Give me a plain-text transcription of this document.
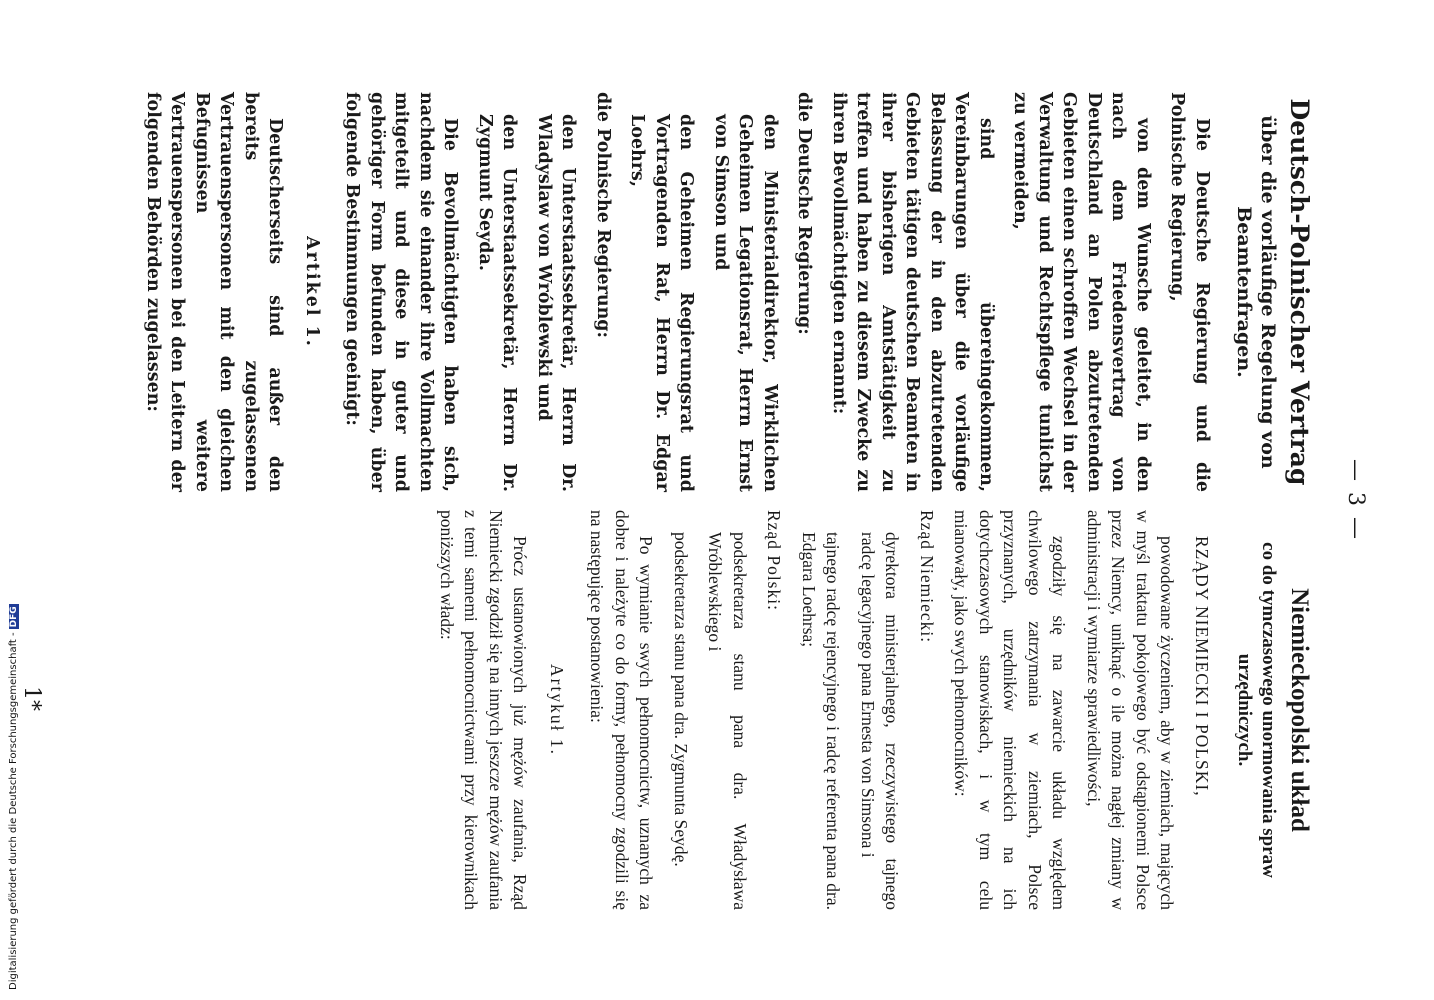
— 3 —
Deutsch-Polnischer Vertrag
über die vorläufige Regelung von Beamtenfragen.

Die Deutsche Regierung und die Polnische Regierung,

von dem Wunsche geleitet, in den nach dem Friedensvertrag von Deutschland an Polen abzutretenden Gebieten einen schroffen Wechsel in der Verwaltung und Rechtspflege tunlichst zu vermeiden,

sind übereingekommen, Vereinbarungen über die vorläufige Belassung der in den abzutretenden Gebieten tätigen deutschen Beamten in ihrer bisherigen Amtstätigkeit zu treffen und haben zu diesem Zwecke zu ihren Bevollmächtigten ernannt:

die Deutsche Regierung:
den Ministerialdirektor, Wirklichen Geheimen Legationsrat, Herrn Ernst von Simson und
den Geheimen Regierungsrat und Vortragenden Rat, Herrn Dr. Edgar Loehrs,
die Polnische Regierung:
den Unterstaatssekretär, Herrn Dr. Wladyslaw von Wróblewski und
den Unterstaatssekretär, Herrn Dr. Zygmunt Seyda.

Die Bevollmächtigten haben sich, nachdem sie einander ihre Vollmachten mitgeteilt und diese in guter und gehöriger Form befunden haben, über folgende Bestimmungen geeinigt:

Artikel 1.

Deutscherseits sind außer den bereits zugelassenen Vertrauenspersonen mit den gleichen Befugnissen weitere Vertrauenspersonen bei den Leitern der folgenden Behörden zugelassen:

Niemieckopolski układ
co do tymczasowego unormowania spraw urzędniczych.

RZĄDY NIEMIECKI I POLSKI,

powodowane życzeniem, aby w ziemiach, mających w myśl traktatu pokojowego być odstąpionemi Polsce przez Niemcy, uniknąć o ile można nagłej zmiany w administracji i wymiarze sprawiedliwości,

zgodziły się na zawarcie układu względem chwilowego zatrzymania w ziemiach, Polsce przyznanych, urzędników niemieckich na ich dotychczasowych stanowiskach, i w tym celu mianowały, jako swych pełnomocników:

Rząd Niemiecki:
dyrektora ministerjalnego, rzeczywistego tajnego radcę legacyjnego pana Ernesta von Simsona i
tajnego radcę rejencyjnego i radcę referenta pana dra. Edgara Loehrsa;
Rząd Polski:
podsekretarza stanu pana dra. Władysława Wróblewskiego i
podsekretarza stanu pana dra. Zygmunta Seydę.

Po wymianie swych pełnomocnictw, uznanych za dobre i należyte co do formy, pełnomocny zgodzili się na następujące postanowienia:

Artykuł 1.

Prócz ustanowionych już mężów zaufania, Rząd Niemiecki zgodził się na innych jeszcze mężów zaufania z temi samemi pełnomocnictwami przy kierownikach poniższych władz:

1*
Digitalisierung gefördert durch die Deutsche Forschungsgemeinschaft -DFG
